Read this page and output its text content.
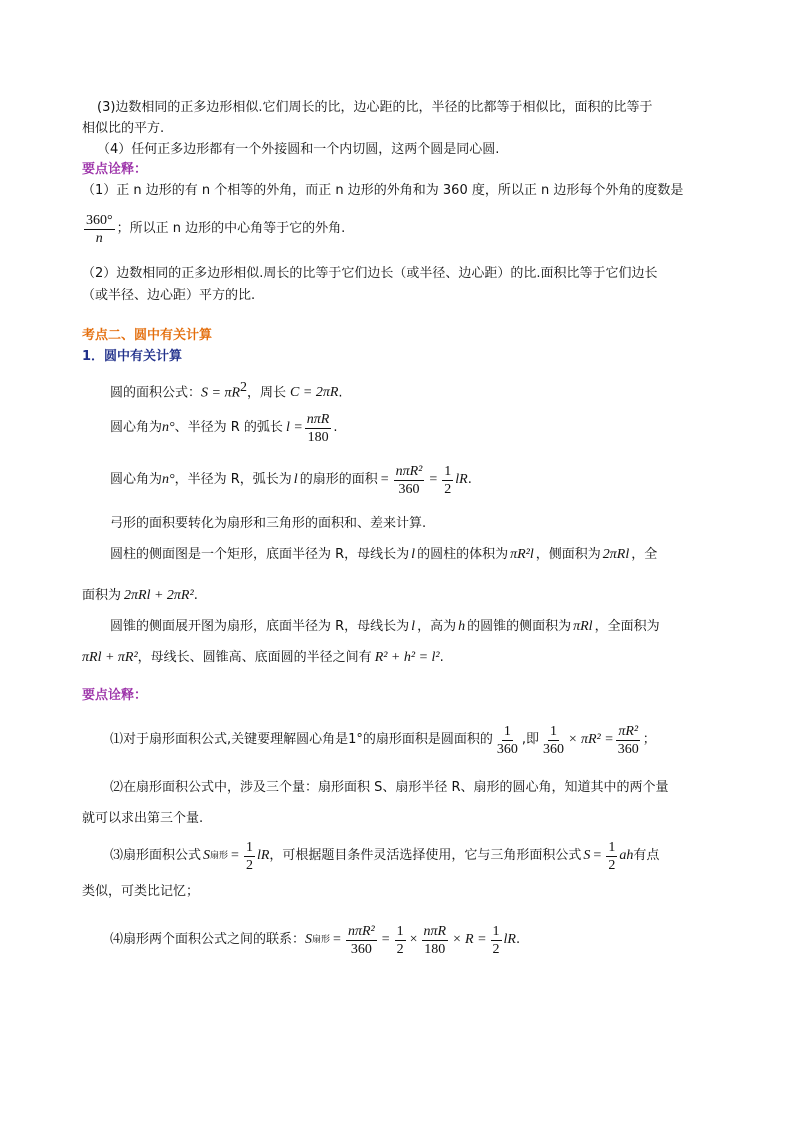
(3)边数相同的正多边形相似.它们周长的比，边心距的比，半径的比都等于相似比，面积的比等于
相似比的平方.
（4）任何正多边形都有一个外接圆和一个内切圆，这两个圆是同心圆.
要点诠释：
（1）正 n 边形的有 n 个相等的外角，而正 n 边形的外角和为 360 度，所以正 n 边形每个外角的度数是
$\frac{360^\circ}{n}$ ；所以正 n 边形的中心角等于它的外角.
（2）边数相同的正多边形相似.周长的比等于它们边长（或半径、边心距）的比.面积比等于它们边长
（或半径、边心距）平方的比.
考点二、圆中有关计算
1．圆中有关计算
圆的面积公式：$S = \pi R^2$，周长 C = 2πR.
圆心角为 n° 、半径为 R 的弧长 $l = \frac{\text{nπR}}{180}$ .
圆心角为 n° ，半径为 R，弧长为 l 的扇形的面积 = $\frac{\text{nπR²}}{360} = \frac{1}{2}$ lR .
弓形的面积要转化为扇形和三角形的面积和、差来计算.
圆柱的侧面图是一个矩形，底面半径为 R，母线长为 l 的圆柱的体积为 πR²l ，侧面积为 2πRl ，全
面积为 2πRl + 2πR².
圆锥的侧面展开图为扇形，底面半径为 R，母线长为 l ，高为 h 的圆锥的侧面积为 πRl ，全面积为
πRl + πR²，母线长、圆锥高、底面圆的半径之间有 R² + h² = l².
要点诠释：
⑴对于扇形面积公式,关键要理解圆心角是1°的扇形面积是圆面积的 $\frac{1}{360}$ ,即 $\frac{1}{360} \times \pi R^2 = \frac{\text{πR²}}{360}$ ；
⑵在扇形面积公式中，涉及三个量：扇形面积 S、扇形半径 R、扇形的圆心角，知道其中的两个量
就可以求出第三个量.
⑶扇形面积公式 S 扇形 = $\frac{1}{2}$ lR ，可根据题目条件灵活选择使用，它与三角形面积公式 $S = \frac{1}{2}$ ah 有点
类似，可类比记忆；
⑷扇形两个面积公式之间的联系： S 扇形 = $\frac{\text{nπR²}}{360} = \frac{1}{2} \times \frac{\text{nπR}}{180} \times R = \frac{1}{2}$ lR .
